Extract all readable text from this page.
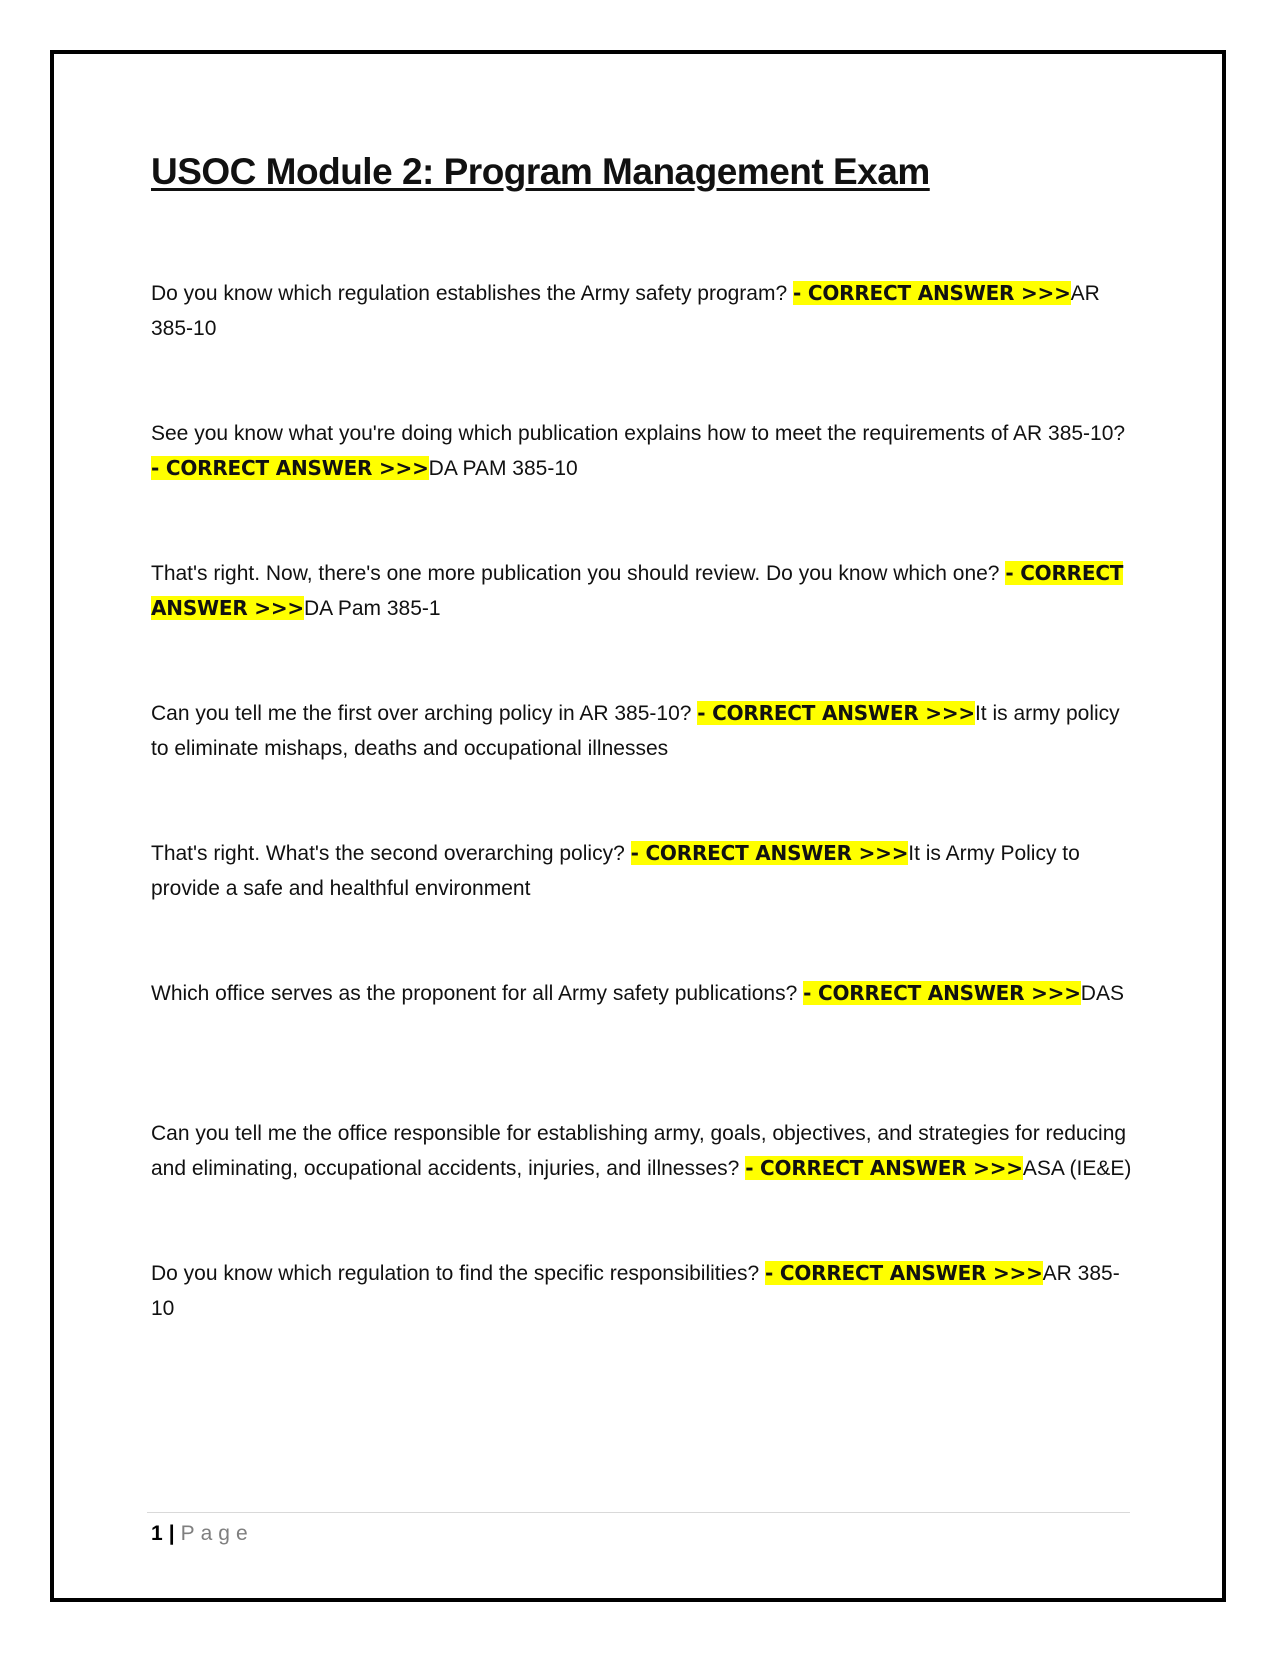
USOC Module 2: Program Management Exam

Do you know which regulation establishes the Army safety program? - CORRECT ANSWER >>>AR 385-10

See you know what you're doing which publication explains how to meet the requirements of AR 385-10? - CORRECT ANSWER >>>DA PAM 385-10

That's right. Now, there's one more publication you should review. Do you know which one? - CORRECT ANSWER >>>DA Pam 385-1

Can you tell me the first over arching policy in AR 385-10? - CORRECT ANSWER >>>It is army policy to eliminate mishaps, deaths and occupational illnesses

That's right. What's the second overarching policy? - CORRECT ANSWER >>>It is Army Policy to provide a safe and healthful environment

Which office serves as the proponent for all Army safety publications? - CORRECT ANSWER >>>DAS

Can you tell me the office responsible for establishing army, goals, objectives, and strategies for reducing and eliminating, occupational accidents, injuries, and illnesses? - CORRECT ANSWER >>>ASA (IE&E)

Do you know which regulation to find the specific responsibilities? - CORRECT ANSWER >>>AR 385-10

1 | Page
